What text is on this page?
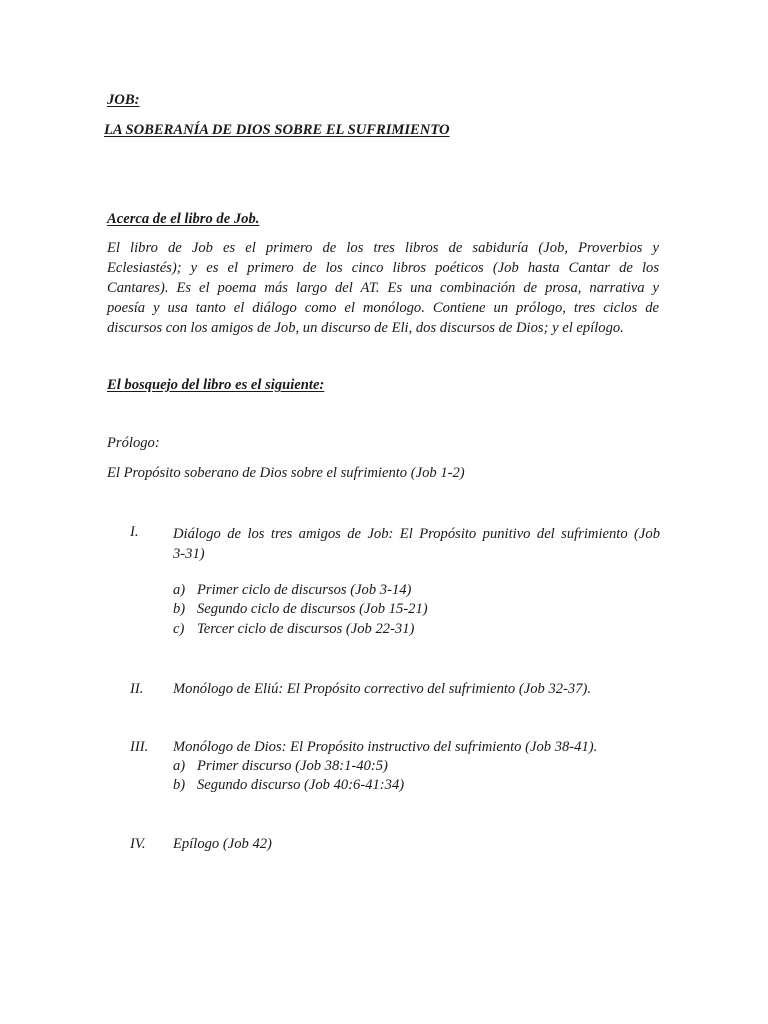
JOB:
LA SOBERANÍA DE DIOS SOBRE EL SUFRIMIENTO
Acerca de el libro de Job.
El libro de Job es el primero de los tres libros de sabiduría (Job, Proverbios y
Eclesiastés); y es el primero de los cinco libros poéticos (Job hasta Cantar de los
Cantares). Es el poema más largo del AT. Es una combinación de prosa, narrativa y
poesía y usa tanto el diálogo como el monólogo. Contiene un prólogo, tres ciclos de
discursos con los amigos de Job, un discurso de Eli, dos discursos de Dios; y el epílogo.
El bosquejo del libro es el siguiente:
Prólogo:
El Propósito soberano de Dios sobre el sufrimiento (Job 1-2)
I. Diálogo de los tres amigos de Job: El Propósito punitivo del sufrimiento (Job
3-31)
a) Primer ciclo de discursos (Job 3-14)
b) Segundo ciclo de discursos (Job 15-21)
c) Tercer ciclo de discursos (Job 22-31)
II. Monólogo de Eliú: El Propósito correctivo del sufrimiento (Job 32-37).
III. Monólogo de Dios: El Propósito instructivo del sufrimiento (Job 38-41).
a) Primer discurso (Job 38:1-40:5)
b) Segundo discurso (Job 40:6-41:34)
IV. Epílogo (Job 42)
